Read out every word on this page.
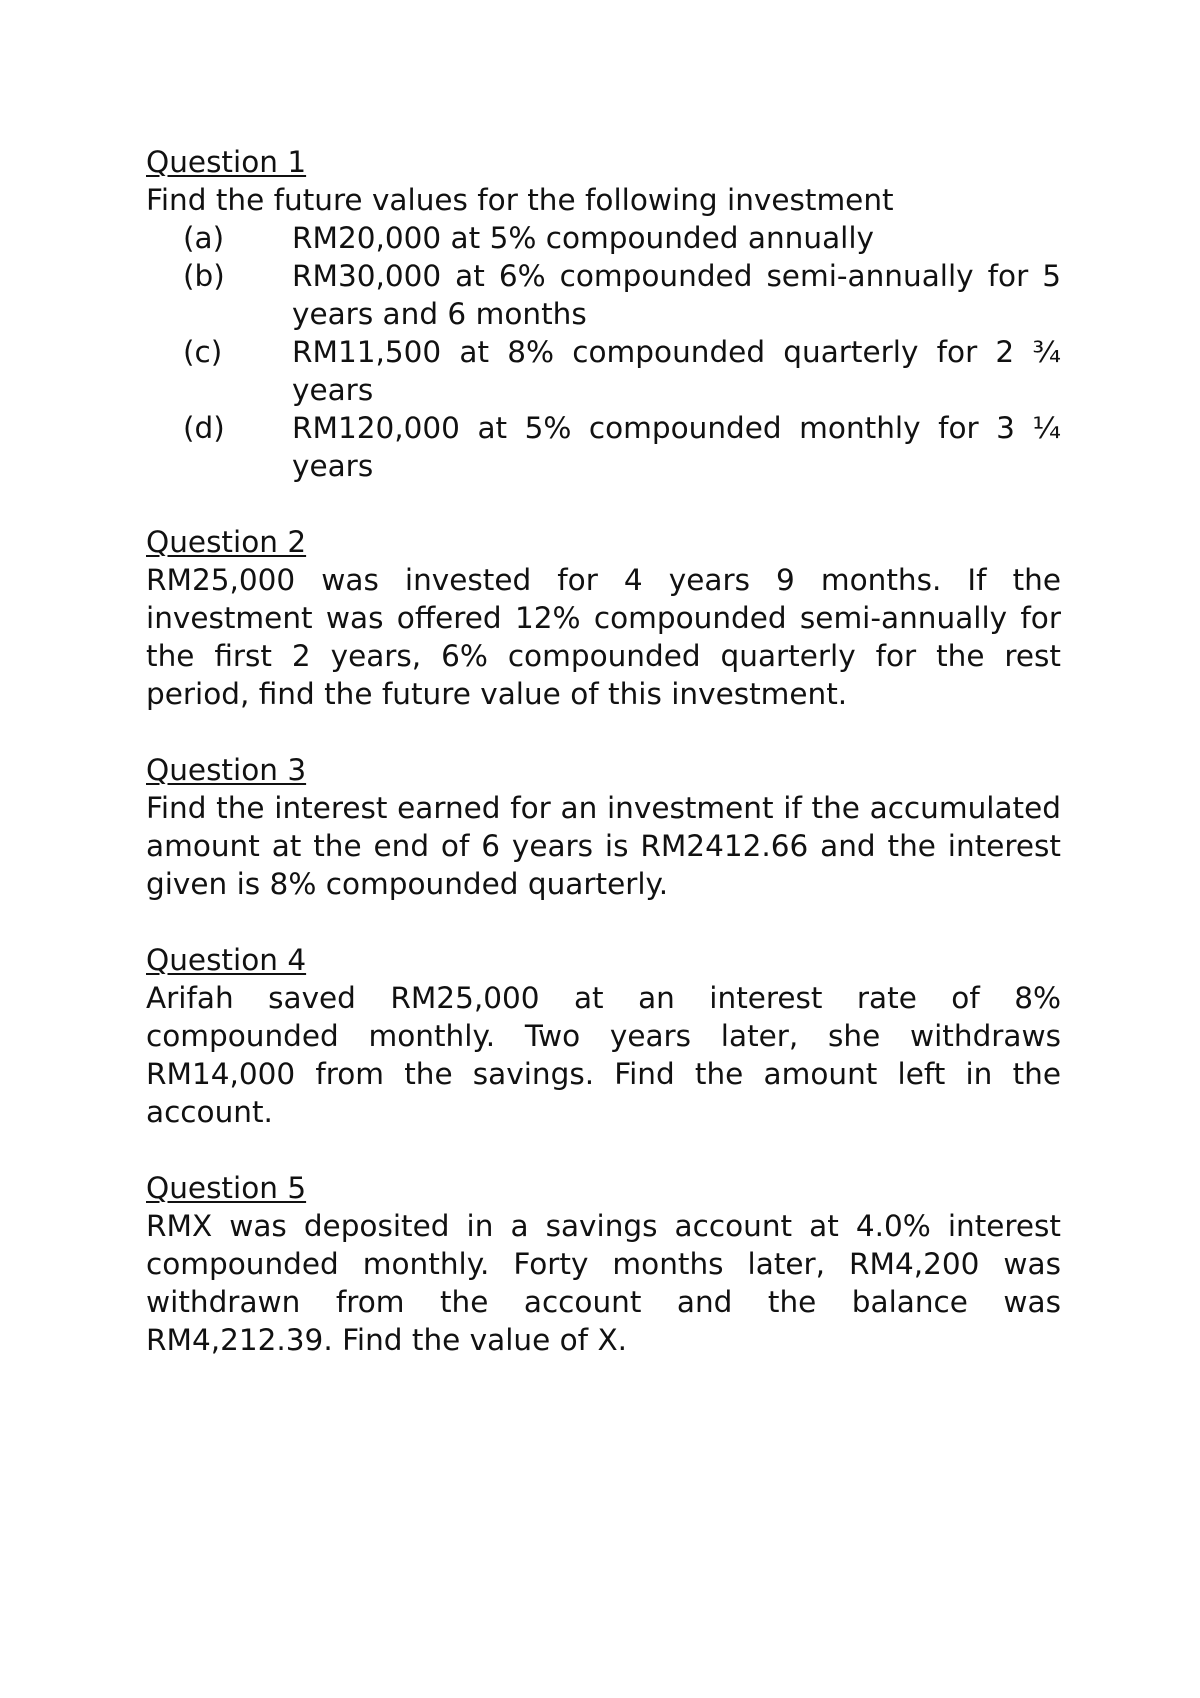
Question 1

Find the future values for the following investment

(a)	RM20,000 at 5% compounded annually
(b)	RM30,000 at 6% compounded semi-annually for 5 years and 6 months
(c)	RM11,500 at 8% compounded quarterly for 2 ¾ years
(d)	RM120,000 at 5% compounded monthly for 3 ¼ years
Question 2

RM25,000 was invested for 4 years 9 months. If the investment was offered 12% compounded semi-annually for the first 2 years, 6% compounded quarterly for the rest period, find the future value of this investment.

Question 3

Find the interest earned for an investment if the accumulated amount at the end of 6 years is RM2412.66 and the interest given is 8% compounded quarterly.

Question 4

Arifah saved RM25,000 at an interest rate of 8% compounded monthly. Two years later, she withdraws RM14,000 from the savings. Find the amount left in the account.

Question 5

RMX was deposited in a savings account at 4.0% interest compounded monthly. Forty months later, RM4,200 was withdrawn from the account and the balance was RM4,212.39. Find the value of X.
